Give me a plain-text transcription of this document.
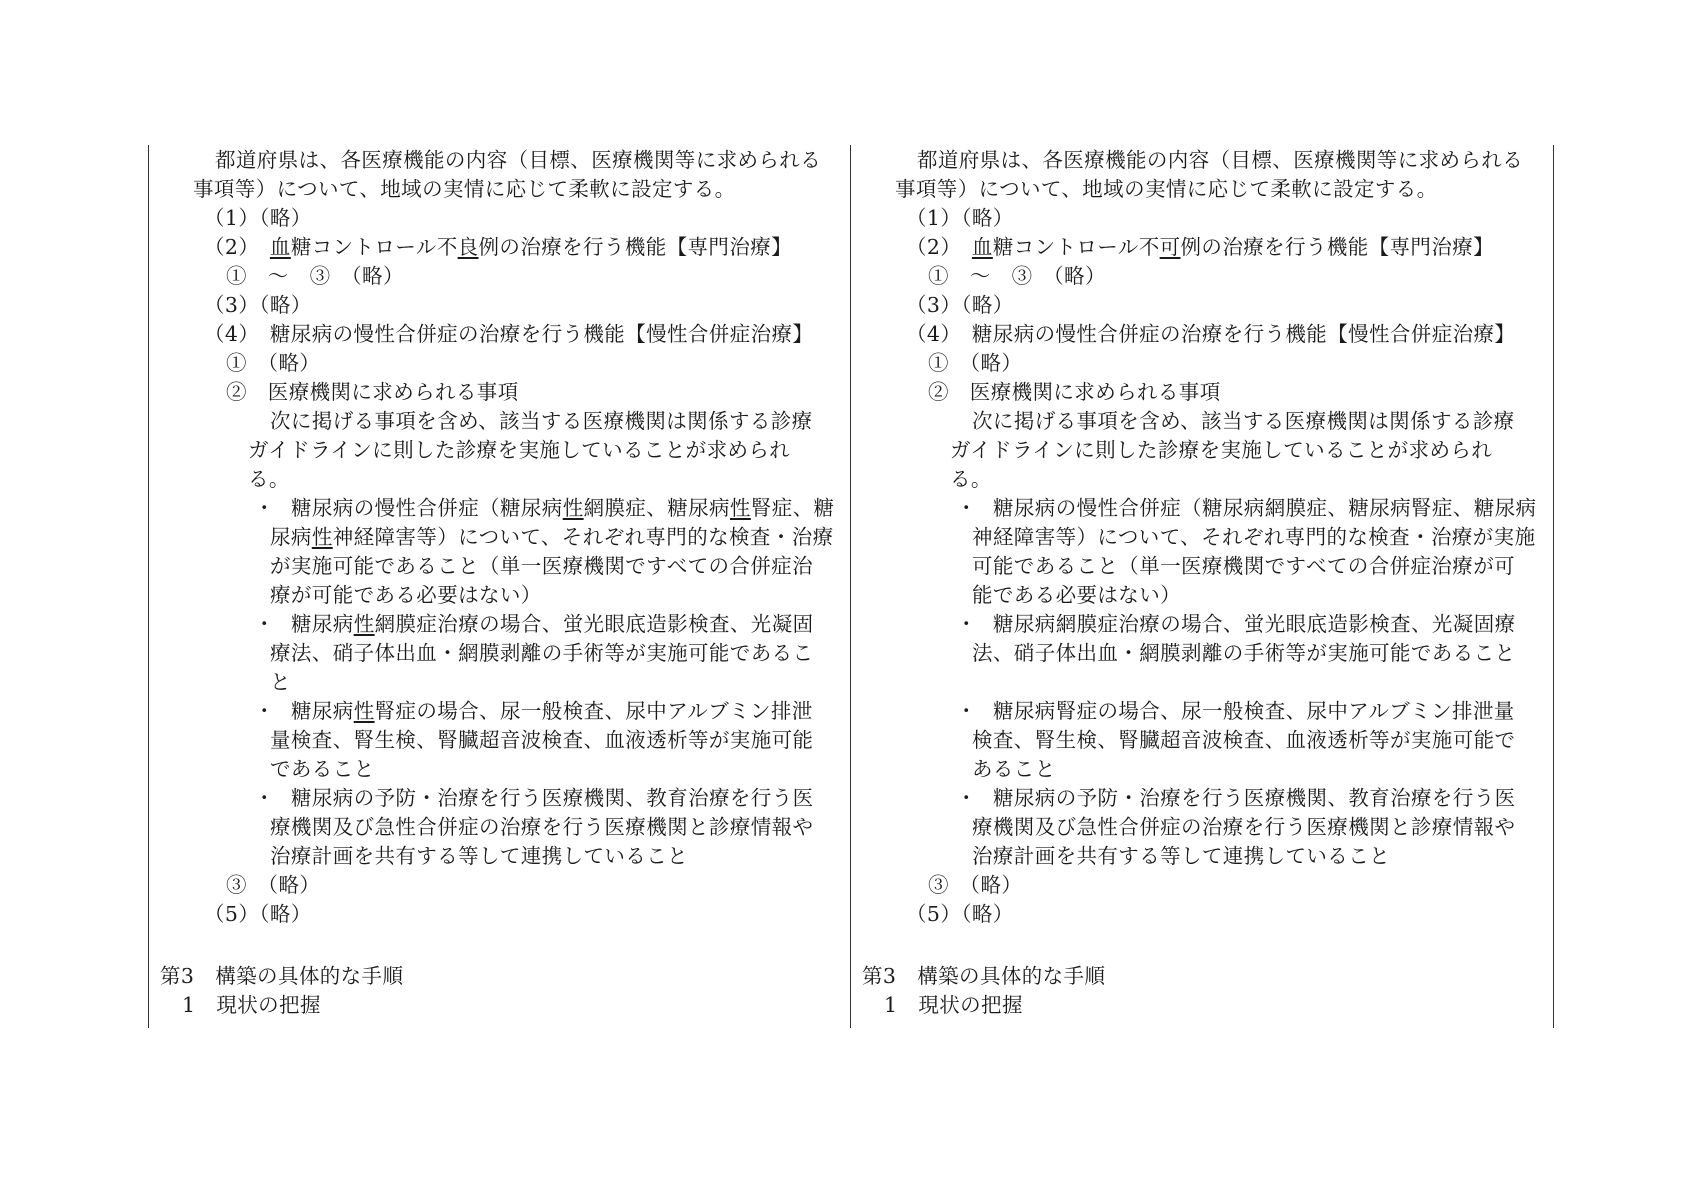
都道府県は、各医療機能の内容（目標、医療機関等に求められる
事項等）について、地域の実情に応じて柔軟に設定する。
（1）（略）
（2）　 血糖コントロール不良例の治療を行う機能【専門治療】
①　～　③　（略）
（3）（略）
（4）　糖尿病の慢性合併症の治療を行う機能【慢性合併症治療】
①　（略）
②　医療機関に求められる事項
次に掲げる事項を含め、該当する医療機関は関係する診療
ガイドラインに則した診療を実施していることが求められ
る。
・ 糖尿病の慢性合併症（糖尿病性網膜症、糖尿病性腎症、糖
尿病性神経障害等）について、それぞれ専門的な検査・治療
が実施可能であること（単一医療機関ですべての合併症治
療が可能である必要はない）
・ 糖尿病性網膜症治療の場合、蛍光眼底造影検査、光凝固
療法、硝子体出血・網膜剥離の手術等が実施可能であるこ
と
・ 糖尿病性腎症の場合、尿一般検査、尿中アルブミン排泄
量検査、腎生検、腎臓超音波検査、血液透析等が実施可能
であること
・ 糖尿病の予防・治療を行う医療機関、教育治療を行う医
療機関及び急性合併症の治療を行う医療機関と診療情報や
治療計画を共有する等して連携していること
③　（略）
（5）（略）
第3　構築の具体的な手順
1　現状の把握
都道府県は、各医療機能の内容（目標、医療機関等に求められる
事項等）について、地域の実情に応じて柔軟に設定する。
（1）（略）
（2）　 血糖コントロール不可例の治療を行う機能【専門治療】
①　～　③　（略）
（3）（略）
（4）　糖尿病の慢性合併症の治療を行う機能【慢性合併症治療】
①　（略）
②　医療機関に求められる事項
次に掲げる事項を含め、該当する医療機関は関係する診療
ガイドラインに則した診療を実施していることが求められ
る。
・ 糖尿病の慢性合併症（糖尿病網膜症、糖尿病腎症、糖尿病
神経障害等）について、それぞれ専門的な検査・治療が実施
可能であること（単一医療機関ですべての合併症治療が可
能である必要はない）
・ 糖尿病網膜症治療の場合、蛍光眼底造影検査、光凝固療
法、硝子体出血・網膜剥離の手術等が実施可能であること
・ 糖尿病腎症の場合、尿一般検査、尿中アルブミン排泄量
検査、腎生検、腎臓超音波検査、血液透析等が実施可能で
あること
・ 糖尿病の予防・治療を行う医療機関、教育治療を行う医
療機関及び急性合併症の治療を行う医療機関と診療情報や
治療計画を共有する等して連携していること
③　（略）
（5）（略）
第3　構築の具体的な手順
1　現状の把握
